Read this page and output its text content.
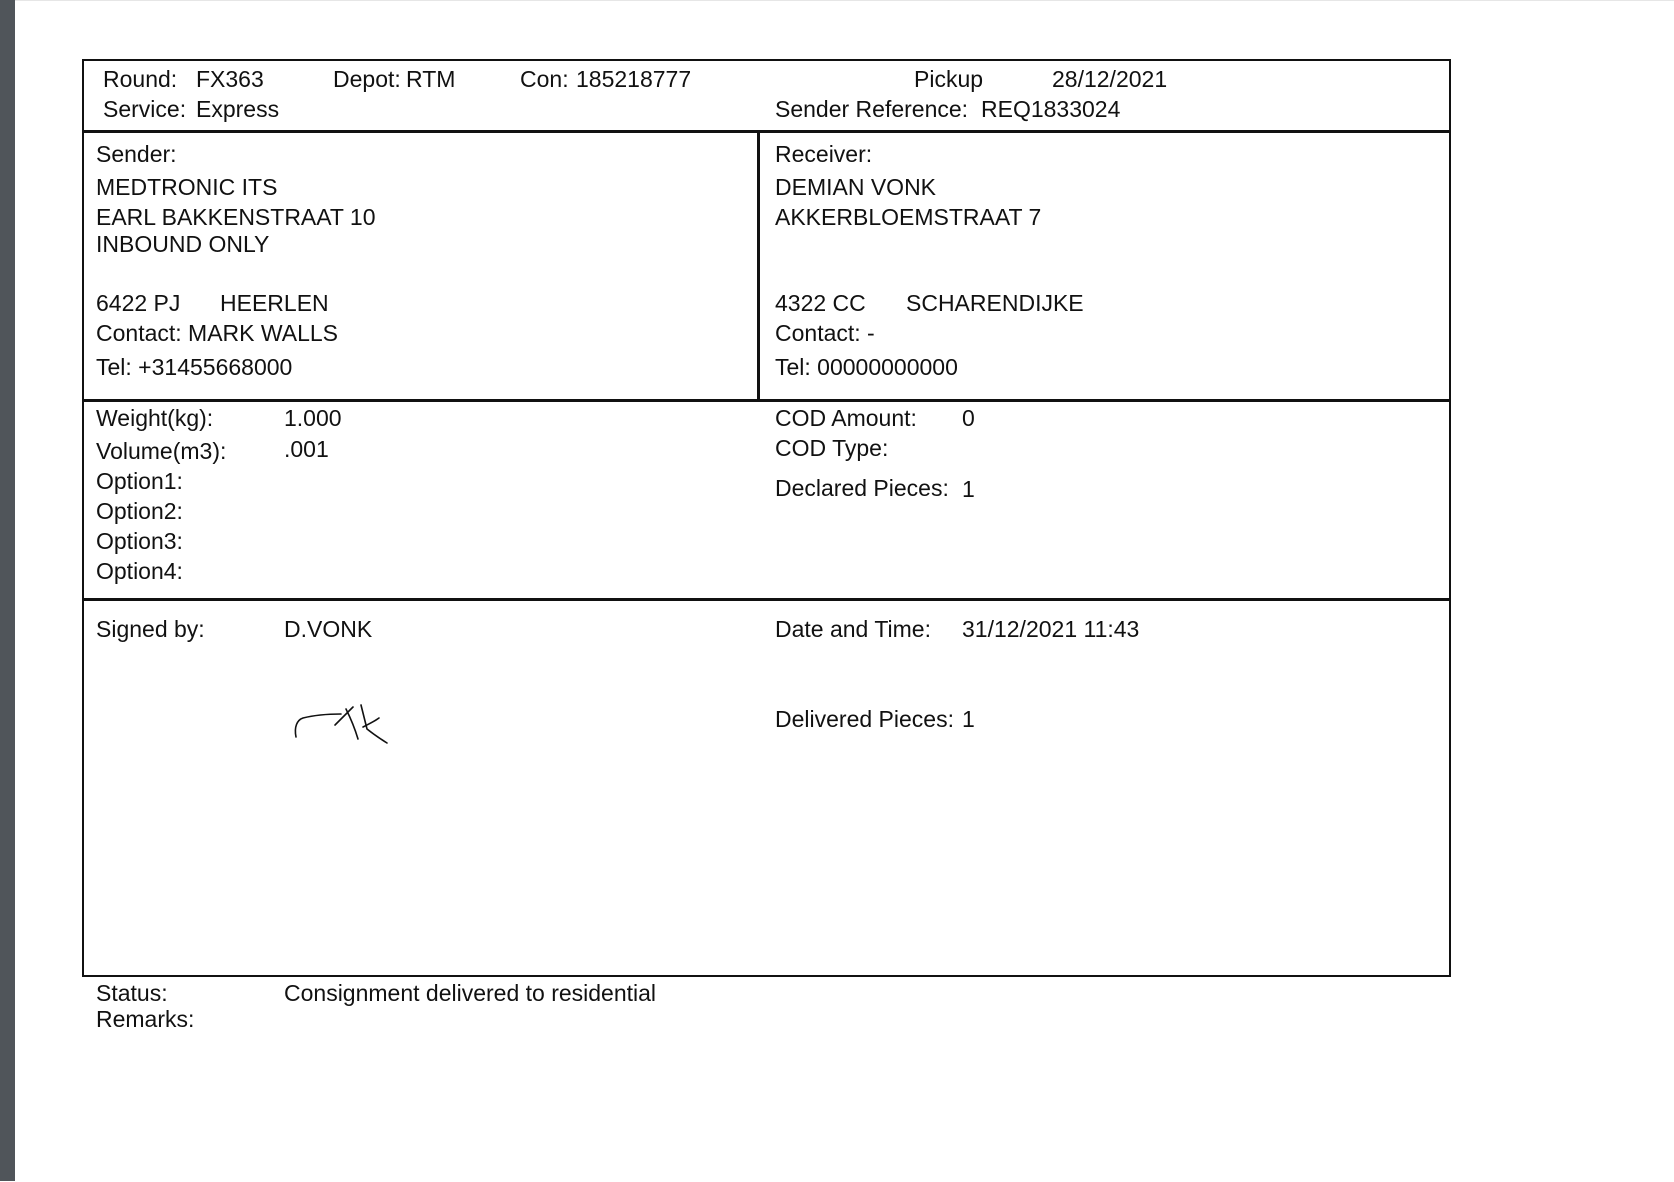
Round: FX363	Depot: RTM	Con: 185218777	Pickup	28/12/2021
Service: Express	Sender Reference: REQ1833024
Sender:
MEDTRONIC ITS
EARL BAKKENSTRAAT 10
INBOUND ONLY
6422 PJ HEERLEN
Contact: MARK WALLS
Tel: +31455668000
Receiver:
DEMIAN VONK
AKKERBLOEMSTRAAT 7
4322 CC SCHARENDIJKE
Contact: -
Tel: 00000000000
Weight(kg):	1.000
Volume(m3):	.001
Option1:
Option2:
Option3:
Option4:
COD Amount: 0
COD Type:
Declared Pieces: 1
Signed by:	D.VONK	Date and Time: 31/12/2021 11:43
Delivered Pieces: 1
Status:	Consignment delivered to residential
Remarks:
